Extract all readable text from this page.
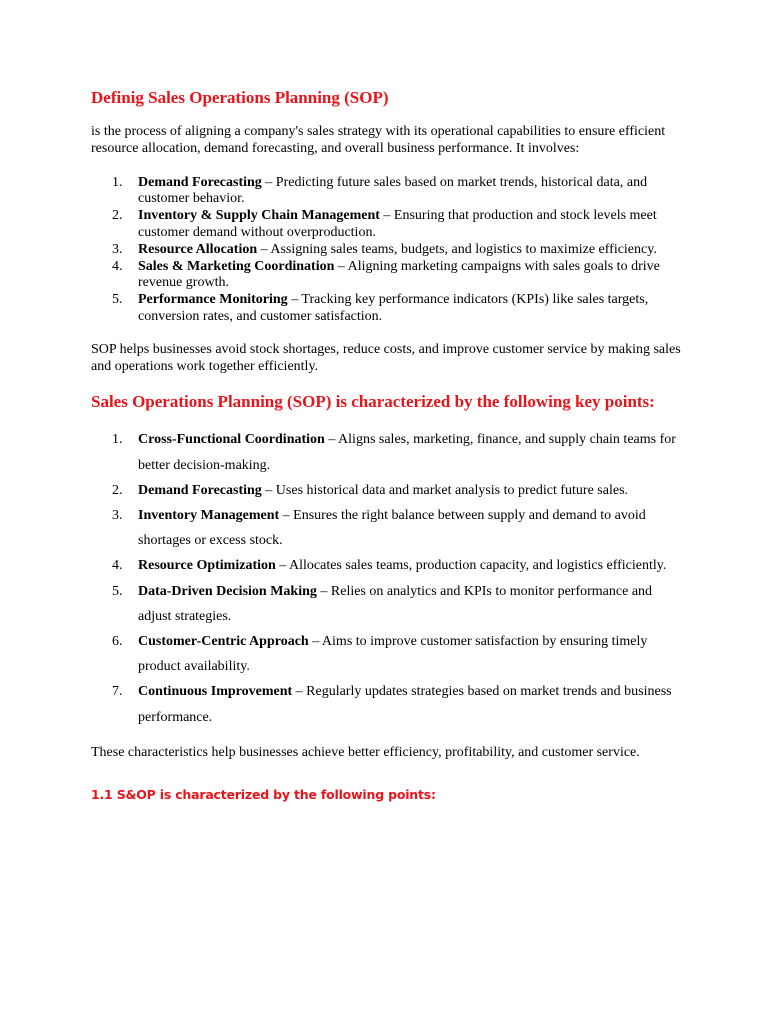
Definig Sales Operations Planning (SOP)

is the process of aligning a company's sales strategy with its operational capabilities to ensure efficient resource allocation, demand forecasting, and overall business performance. It involves:

1. Demand Forecasting – Predicting future sales based on market trends, historical data, and customer behavior.
2. Inventory & Supply Chain Management – Ensuring that production and stock levels meet customer demand without overproduction.
3. Resource Allocation – Assigning sales teams, budgets, and logistics to maximize efficiency.
4. Sales & Marketing Coordination – Aligning marketing campaigns with sales goals to drive revenue growth.
5. Performance Monitoring – Tracking key performance indicators (KPIs) like sales targets, conversion rates, and customer satisfaction.

SOP helps businesses avoid stock shortages, reduce costs, and improve customer service by making sales and operations work together efficiently.

Sales Operations Planning (SOP) is characterized by the following key points:
1. Cross-Functional Coordination – Aligns sales, marketing, finance, and supply chain teams for better decision-making.
2. Demand Forecasting – Uses historical data and market analysis to predict future sales.
3. Inventory Management – Ensures the right balance between supply and demand to avoid shortages or excess stock.
4. Resource Optimization – Allocates sales teams, production capacity, and logistics efficiently.
5. Data-Driven Decision Making – Relies on analytics and KPIs to monitor performance and adjust strategies.
6. Customer-Centric Approach – Aims to improve customer satisfaction by ensuring timely product availability.
7. Continuous Improvement – Regularly updates strategies based on market trends and business performance.

These characteristics help businesses achieve better efficiency, profitability, and customer service.

1.1 S&OP is characterized by the following points:
